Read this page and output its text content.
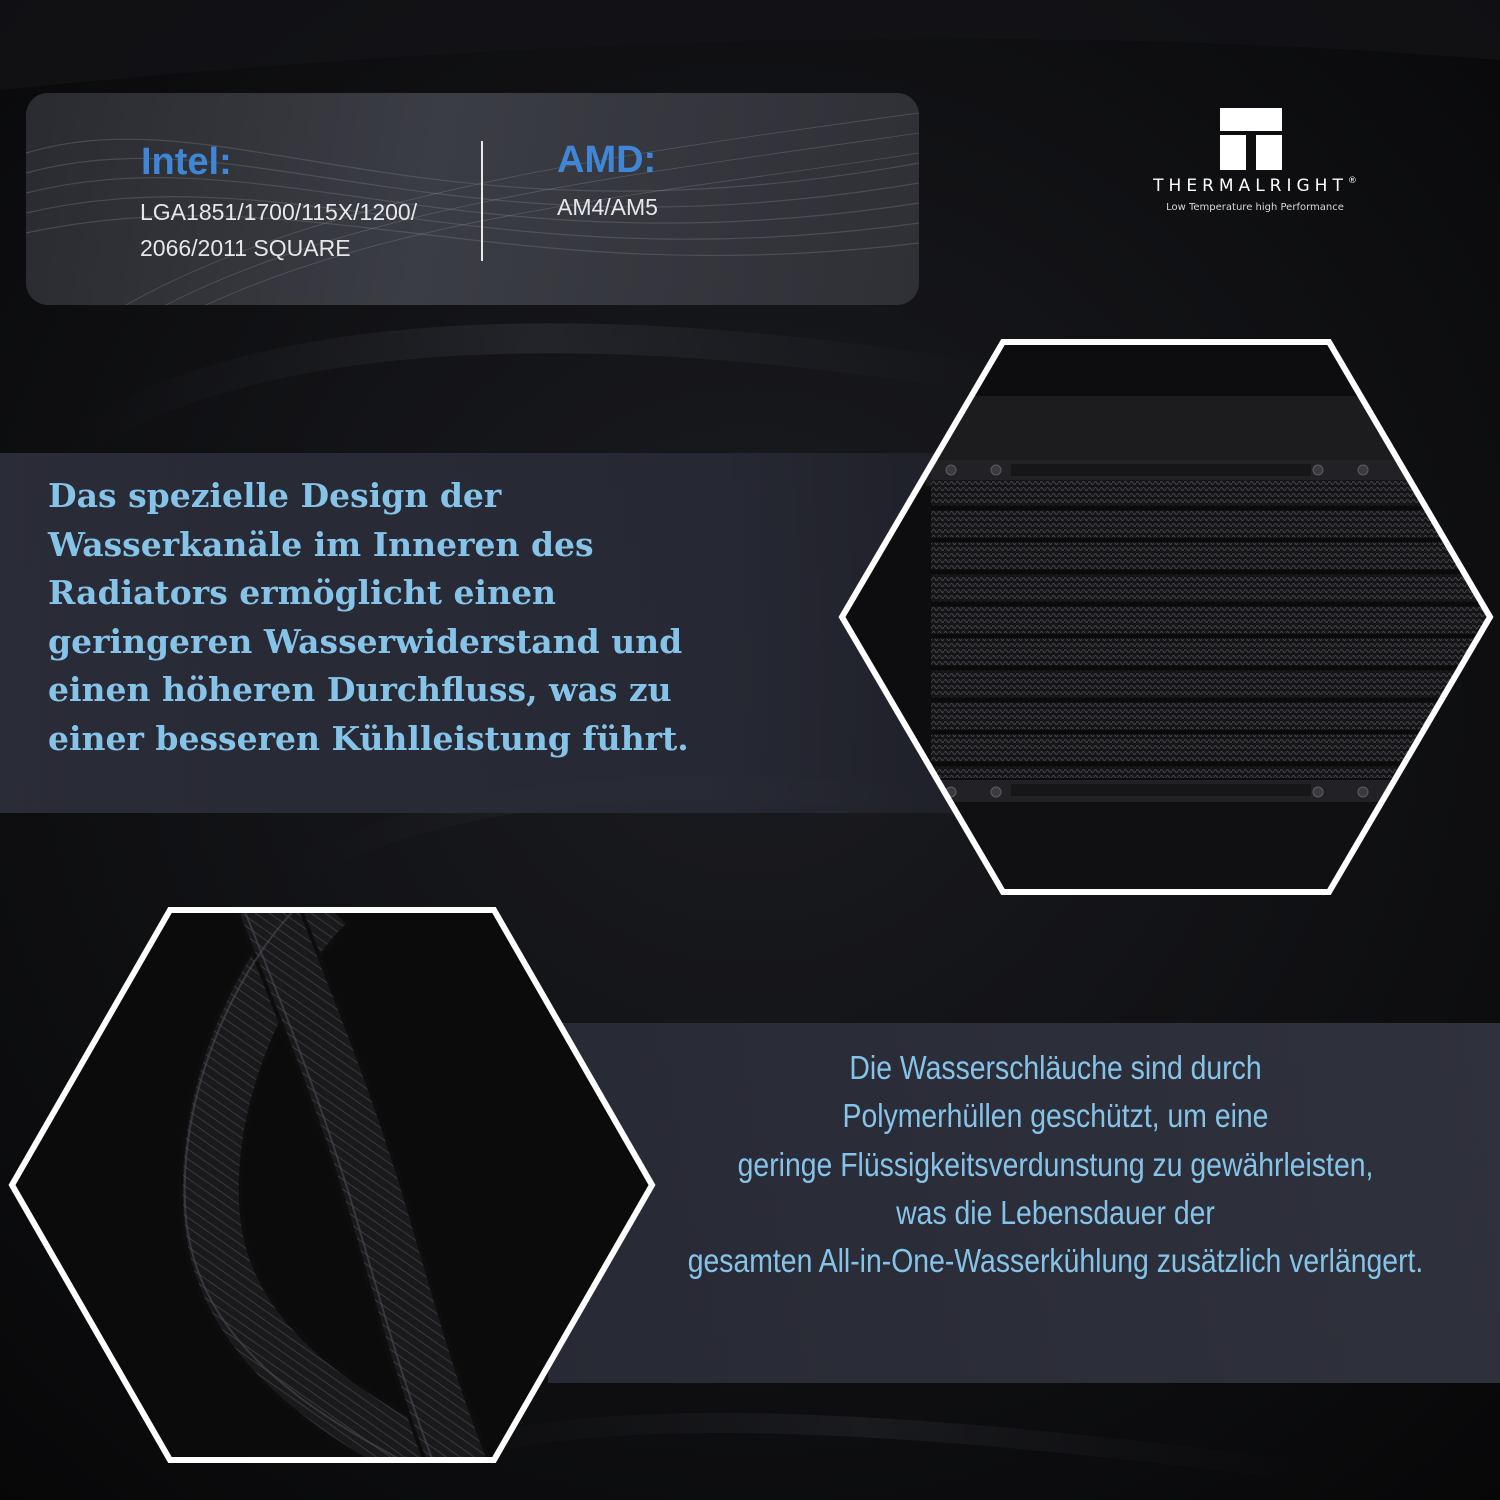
Intel:

LGA1851/1700/115X/1200/

2066/2011 SQUARE

AMD:

AM4/AM5

THERMALRIGHT®
Low Temperature high Performance

Das spezielle Design der
Wasserkanäle im Inneren des
Radiators ermöglicht einen
geringeren Wasserwiderstand und
einen höheren Durchfluss, was zu
einer besseren Kühlleistung führt.

Die Wasserschläuche sind durch
Polymerhüllen geschützt, um eine
geringe Flüssigkeitsverdunstung zu gewährleisten,
was die Lebensdauer der
gesamten All-in-One-Wasserkühlung zusätzlich verlängert.
